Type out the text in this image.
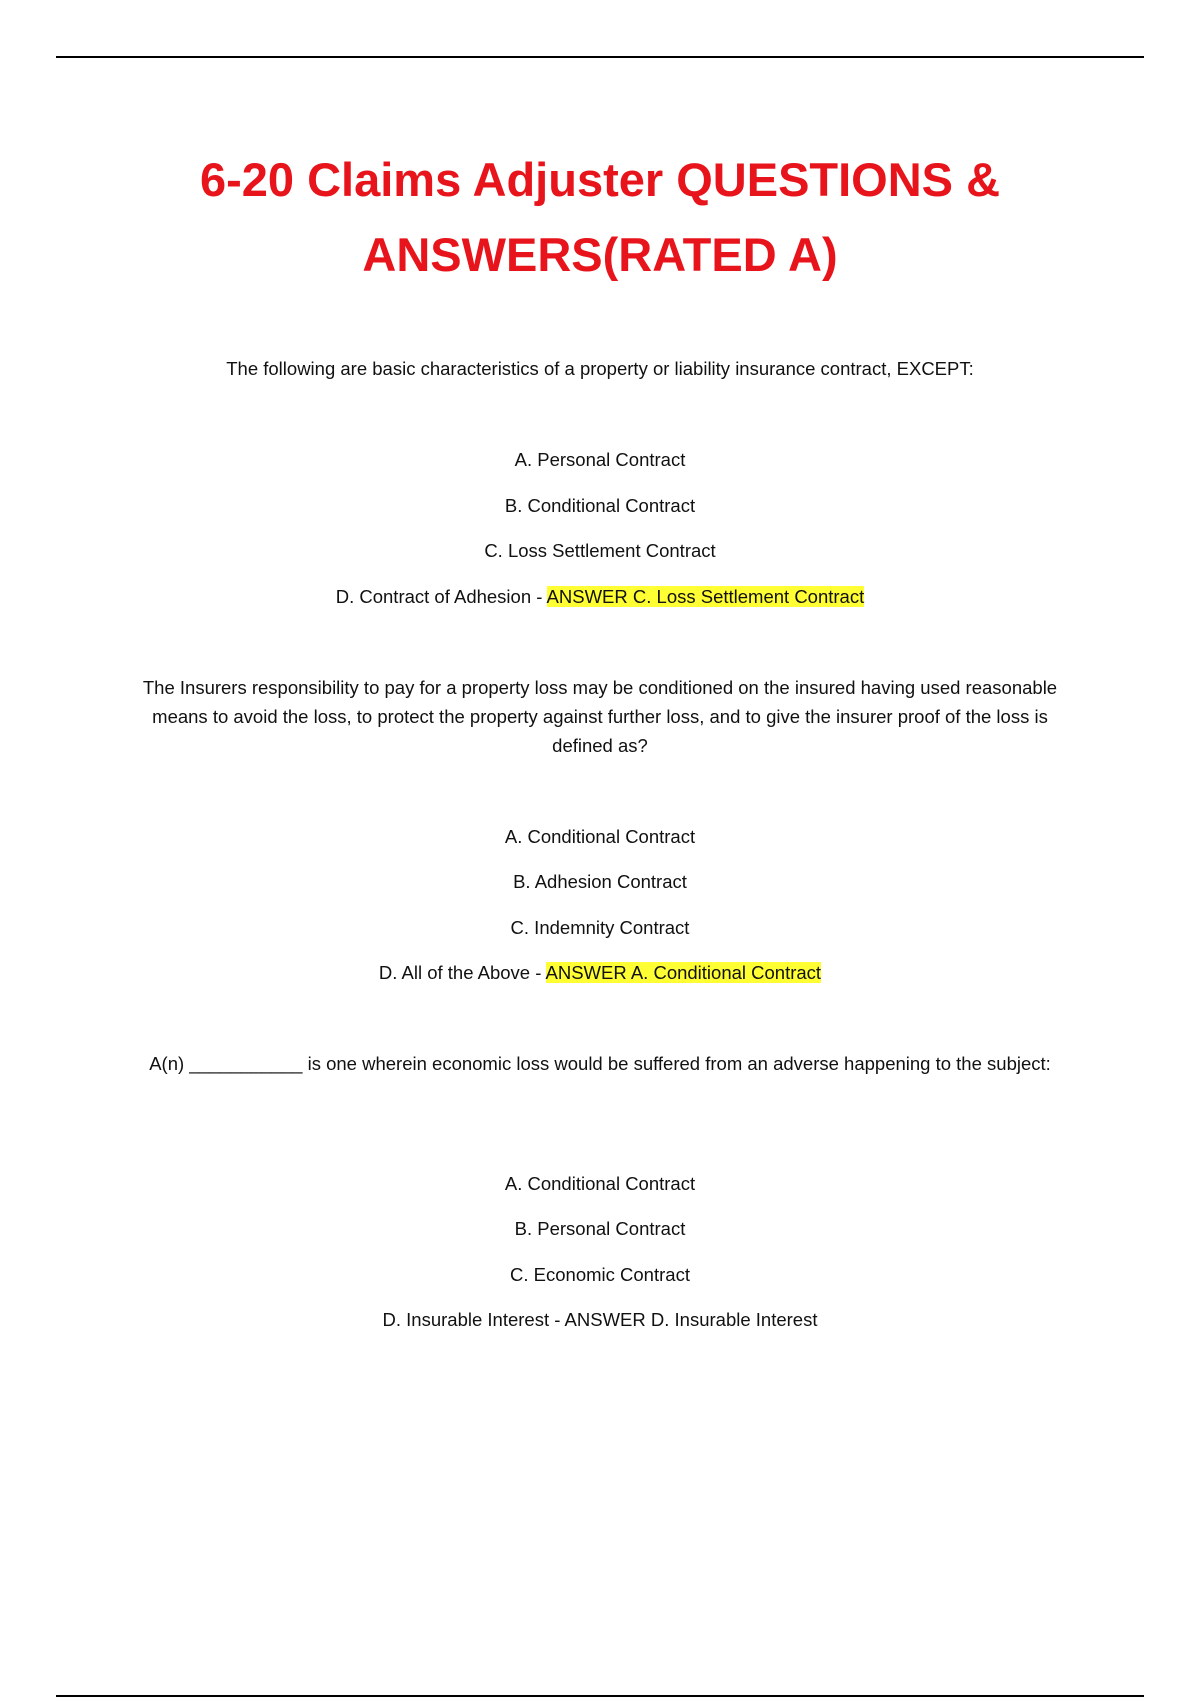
6-20 Claims Adjuster QUESTIONS &
ANSWERS(RATED A)
The following are basic characteristics of a property or liability insurance contract, EXCEPT:
A. Personal Contract
B. Conditional Contract
C. Loss Settlement Contract
D. Contract of Adhesion - ANSWER C. Loss Settlement Contract
The Insurers responsibility to pay for a property loss may be conditioned on the insured having used reasonable means to avoid the loss, to protect the property against further loss, and to give the insurer proof of the loss is defined as?
A. Conditional Contract
B. Adhesion Contract
C. Indemnity Contract
D. All of the Above - ANSWER A. Conditional Contract
A(n) ___________ is one wherein economic loss would be suffered from an adverse happening to the subject:
A. Conditional Contract
B. Personal Contract
C. Economic Contract
D. Insurable Interest - ANSWER D. Insurable Interest
